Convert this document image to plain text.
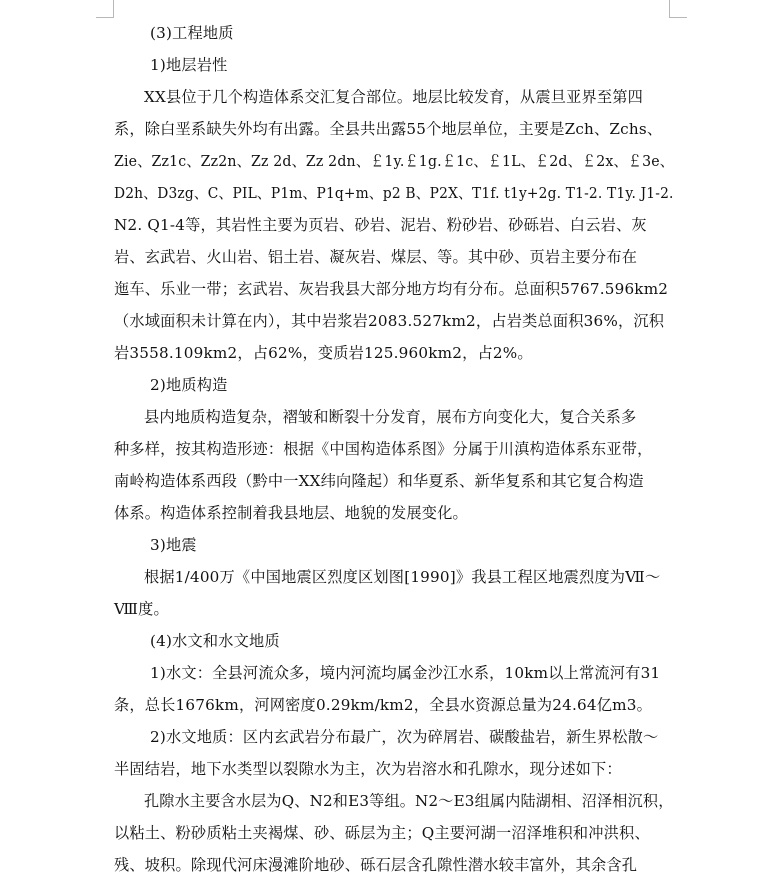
(3)工程地质
1)地层岩性
XX县位于几个构造体系交汇复合部位。地层比较发育，从震旦亚界至第四
系，除白垩系缺失外均有出露。全县共出露55个地层单位，主要是Zch、Zchs、
Zie、Zz1c、Zz2n、Zz 2d、Zz 2dn、￡1y.￡1g.￡1c、￡1L、￡2d、￡2x、￡3e、
D2h、D3zg、C、PIL、P1m、P1q+m、p2 B、P2X、T1f. t1y+2g. T1-2. T1y. J1-2.
N2. Q1-4等，其岩性主要为页岩、砂岩、泥岩、粉砂岩、砂砾岩、白云岩、灰
岩、玄武岩、火山岩、铝土岩、凝灰岩、煤层、等。其中砂、页岩主要分布在
迤车、乐业一带；玄武岩、灰岩我县大部分地方均有分布。总面积5767.596km2
（水域面积未计算在内），其中岩浆岩2083.527km2，占岩类总面积36%，沉积
岩3558.109km2，占62%，变质岩125.960km2，占2%。
2)地质构造
县内地质构造复杂，褶皱和断裂十分发育，展布方向变化大，复合关系多
种多样，按其构造形迹：根据《中国构造体系图》分属于川滇构造体系东亚带，
南岭构造体系西段（黔中一XX纬向隆起）和华夏系、新华复系和其它复合构造
体系。构造体系控制着我县地层、地貌的发展变化。
3)地震
根据1/400万《中国地震区烈度区划图[1990]》我县工程区地震烈度为Ⅶ～
Ⅷ度。
(4)水文和水文地质
1)水文：全县河流众多，境内河流均属金沙江水系，10km以上常流河有31
条，总长1676km，河网密度0.29km/km2，全县水资源总量为24.64亿m3。
2)水文地质：区内玄武岩分布最广，次为碎屑岩、碳酸盐岩，新生界松散～
半固结岩，地下水类型以裂隙水为主，次为岩溶水和孔隙水，现分述如下：
孔隙水主要含水层为Q、N2和E3等组。N2～E3组属内陆湖相、沼泽相沉积，
以粘土、粉砂质粘土夹褐煤、砂、砾层为主；Q主要河湖一沼泽堆积和冲洪积、
残、坡积。除现代河床漫滩阶地砂、砾石层含孔隙性潜水较丰富外，其余含孔
